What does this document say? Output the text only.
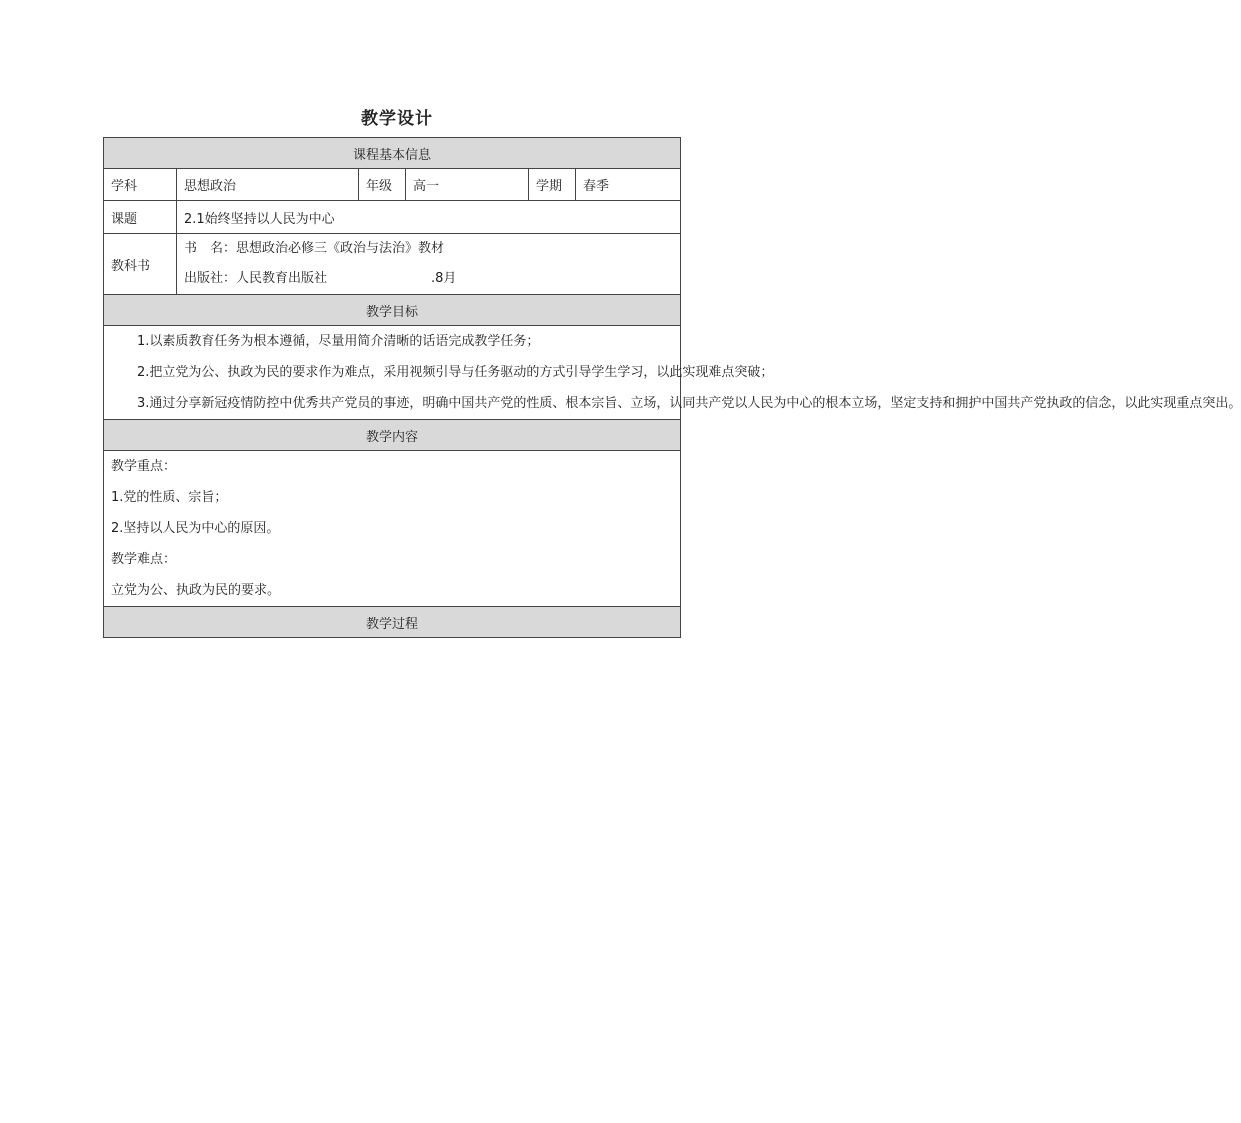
教学设计
课程基本信息					
学科	思想政治	年级	高一	学期	春季
课题	2.1始终坚持以人民为中心				
教科书	书　名：思想政治必修三《政治与法治》教材
出版社：人民教育出版社　　　　　　　　.8月				

教学目标					

1.以素质教育任务为根本遵循，尽量用简介清晰的话语完成教学任务；

2.把立党为公、执政为民的要求作为难点，采用视频引导与任务驱动的方式引导学生学习，以此实现难点突破；

3.通过分享新冠疫情防控中优秀共产党员的事迹，明确中国共产党的性质、根本宗旨、立场，认同共产党以人民为中心的根本立场，坚定支持和拥护中国共产党执政的信念，以此实现重点突出。					

教学内容					

教学重点：

1.党的性质、宗旨；

2.坚持以人民为中心的原因。

教学难点：

立党为公、执政为民的要求。					

教学过程					
